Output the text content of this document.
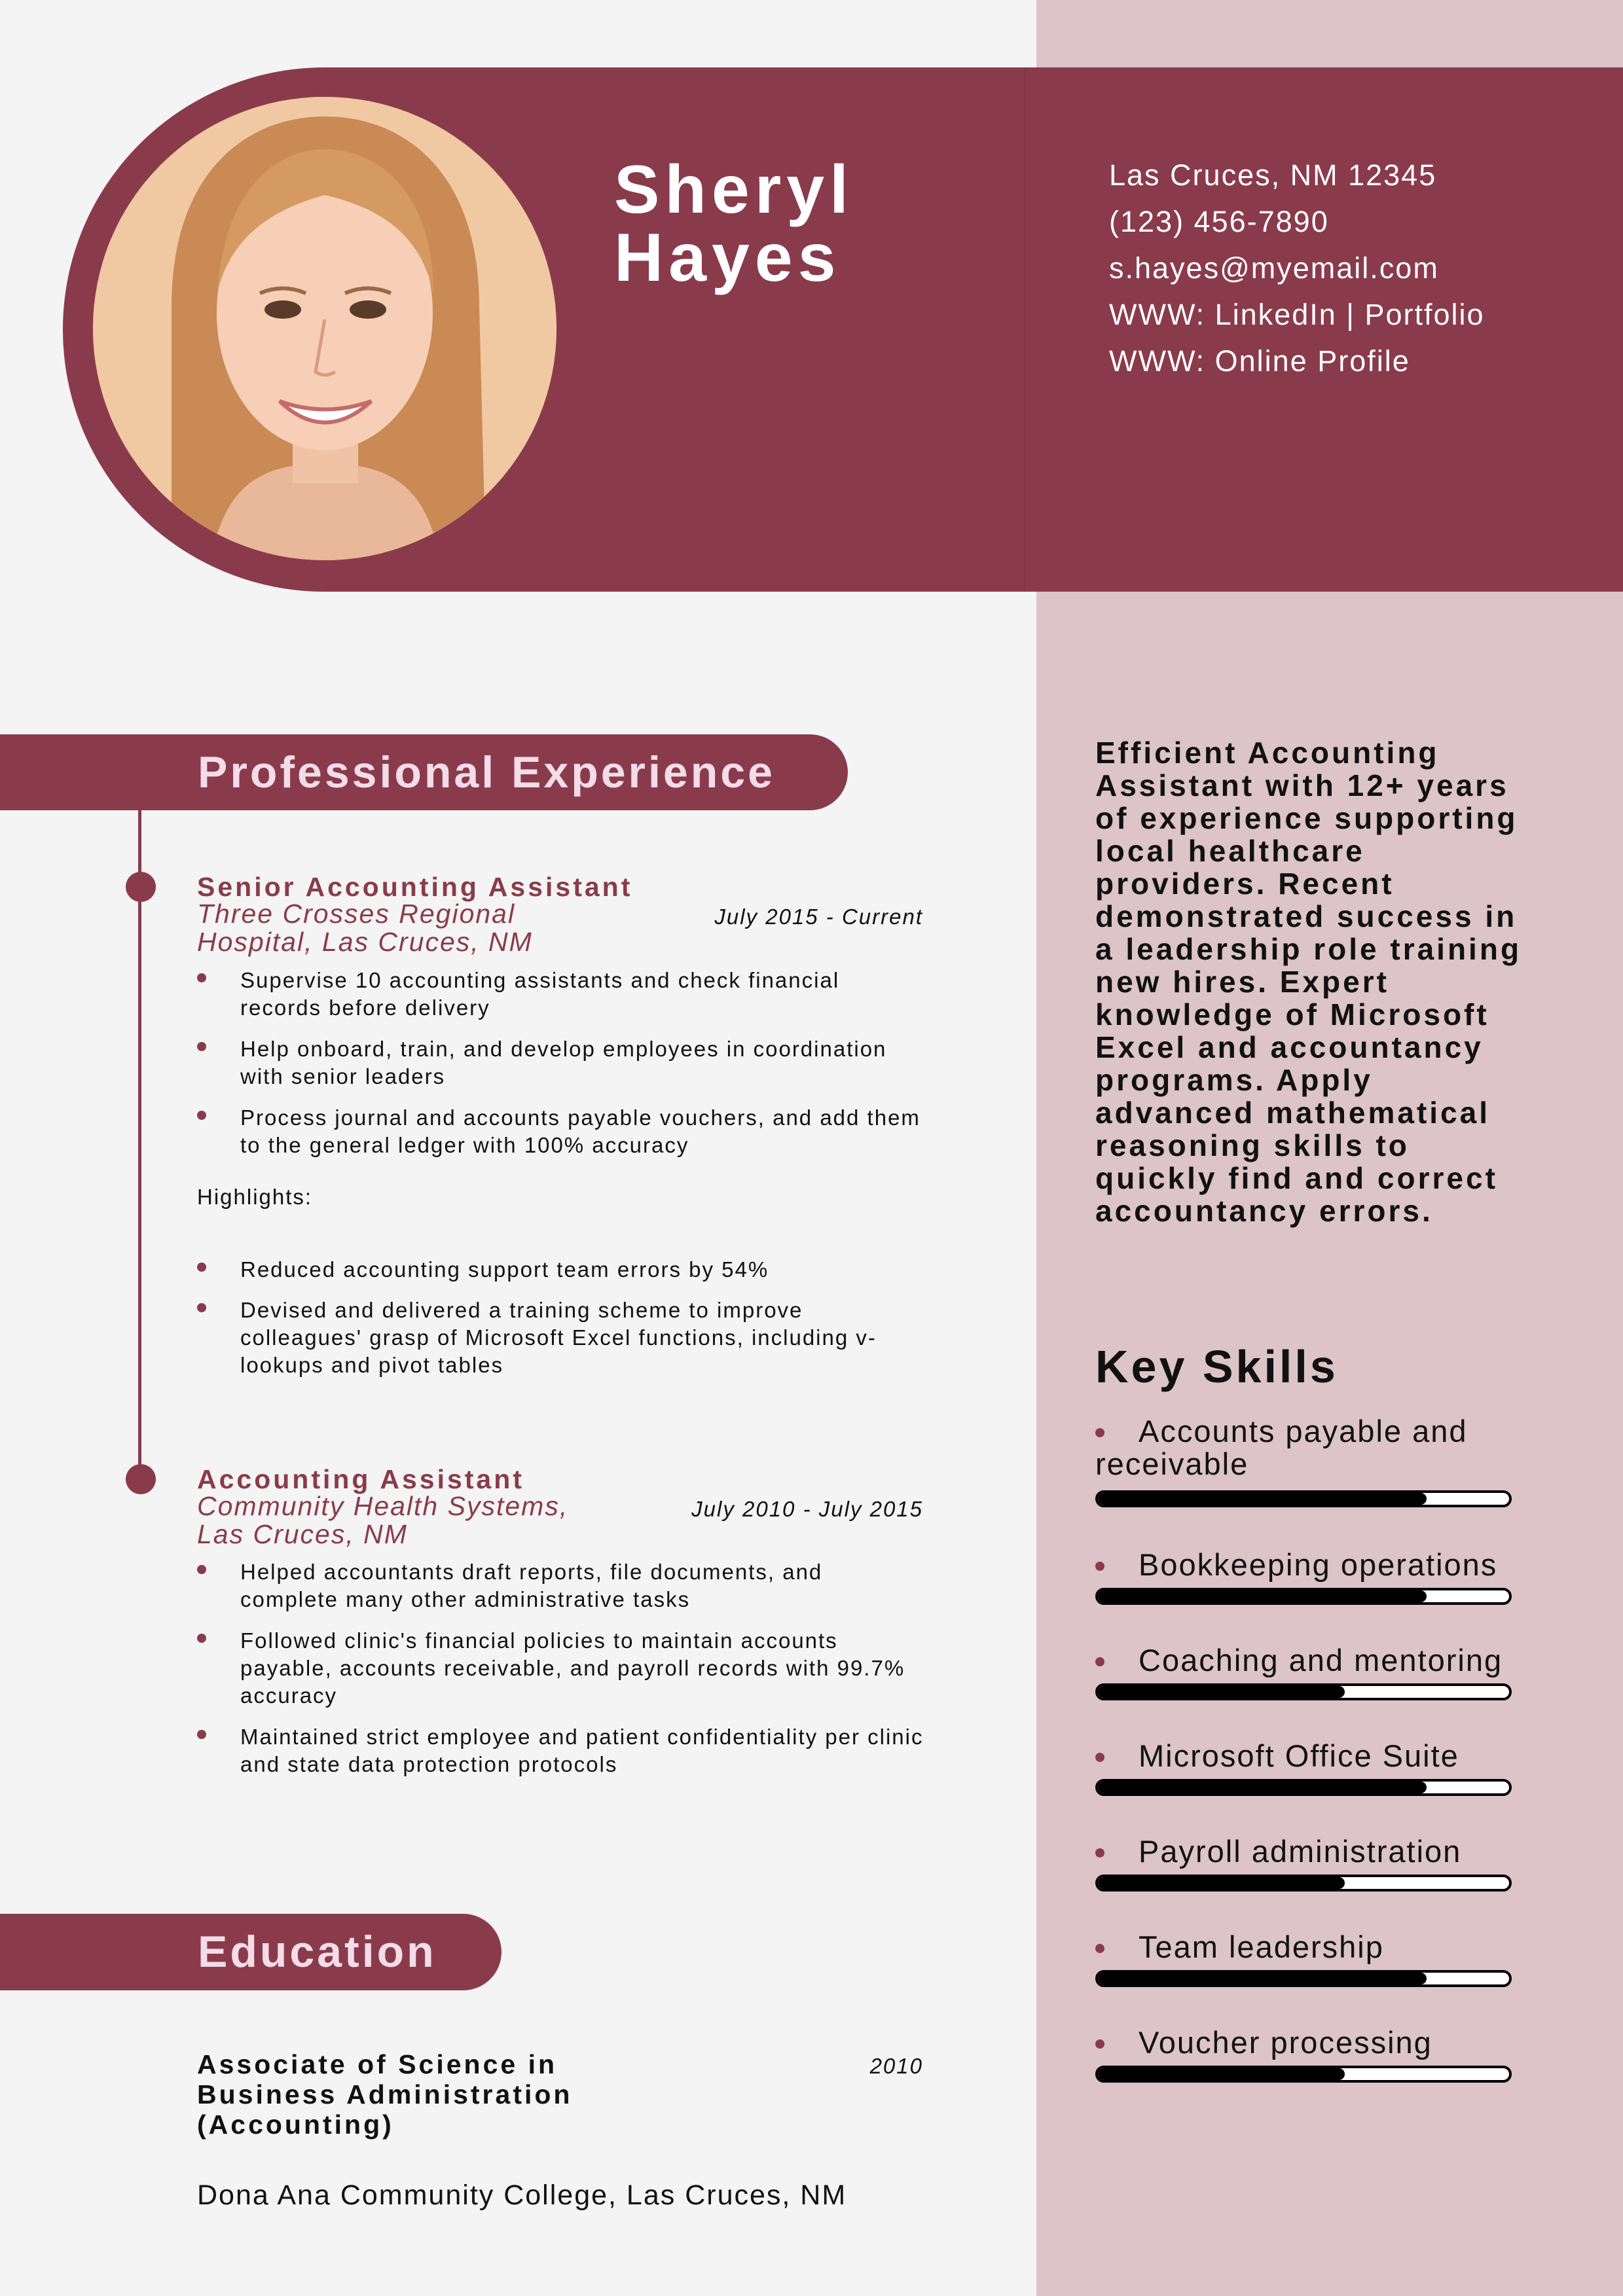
Sheryl
Hayes
Las Cruces, NM 12345
(123) 456-7890
s.hayes@myemail.com
WWW: LinkedIn | Portfolio
WWW: Online Profile
Professional Experience
Senior Accounting Assistant
Three Crosses Regional Hospital, Las Cruces, NM
July 2015 - Current
Supervise 10 accounting assistants and check financial records before delivery
Help onboard, train, and develop employees in coordination with senior leaders
Process journal and accounts payable vouchers, and add them to the general ledger with 100% accuracy
Highlights:
Reduced accounting support team errors by 54%
Devised and delivered a training scheme to improve colleagues' grasp of Microsoft Excel functions, including v-lookups and pivot tables
Accounting Assistant
Community Health Systems, Las Cruces, NM
July 2010 - July 2015
Helped accountants draft reports, file documents, and complete many other administrative tasks
Followed clinic's financial policies to maintain accounts payable, accounts receivable, and payroll records with 99.7% accuracy
Maintained strict employee and patient confidentiality per clinic and state data protection protocols
Education
Associate of Science in Business Administration (Accounting)
2010
Dona Ana Community College, Las Cruces, NM
Efficient Accounting Assistant with 12+ years of experience supporting local healthcare providers. Recent demonstrated success in a leadership role training new hires. Expert knowledge of Microsoft Excel and accountancy programs. Apply advanced mathematical reasoning skills to quickly find and correct accountancy errors.
Key Skills
Accounts payable and receivable
Bookkeeping operations
Coaching and mentoring
Microsoft Office Suite
Payroll administration
Team leadership
Voucher processing
